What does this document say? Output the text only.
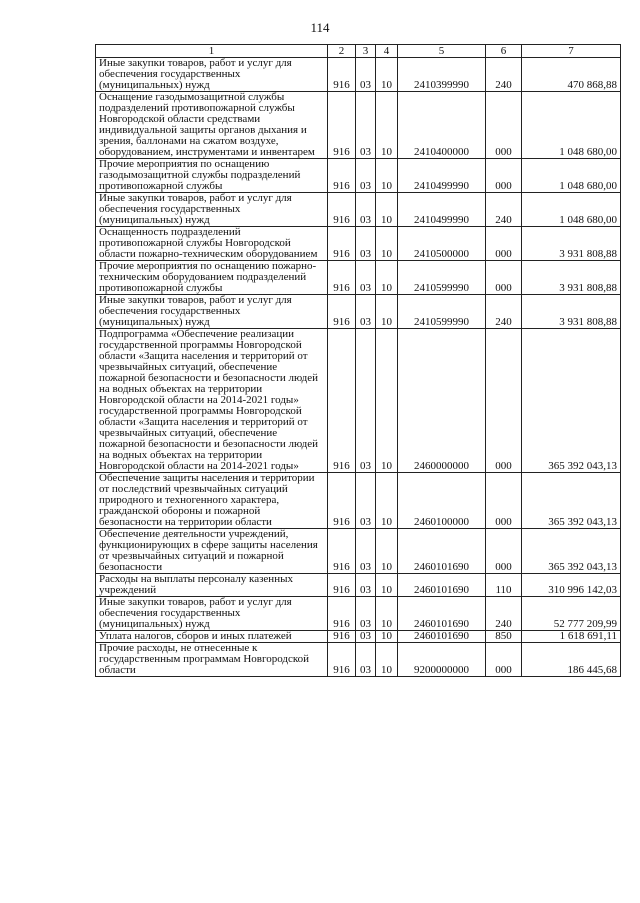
114
1	2	3	4	5	6	7
Иные закупки товаров, работ и услуг для обеспечения государственных (муниципальных) нужд	916	03	10	2410399990	240	470 868,88
Оснащение газодымозащитной службы подразделений противопожарной службы Новгородской области средствами индивидуальной защиты органов дыхания и зрения, баллонами на сжатом воздухе, оборудованием, инструментами и инвентарем	916	03	10	2410400000	000	1 048 680,00
Прочие мероприятия по оснащению газодымозащитной службы подразделений противопожарной службы	916	03	10	2410499990	000	1 048 680,00
Иные закупки товаров, работ и услуг для обеспечения государственных (муниципальных) нужд	916	03	10	2410499990	240	1 048 680,00
Оснащенность подразделений противопожарной службы Новгородской области пожарно-техническим оборудованием	916	03	10	2410500000	000	3 931 808,88
Прочие мероприятия по оснащению пожарно-техническим оборудованием подразделений противопожарной службы	916	03	10	2410599990	000	3 931 808,88
Иные закупки товаров, работ и услуг для обеспечения государственных (муниципальных) нужд	916	03	10	2410599990	240	3 931 808,88
Подпрограмма «Обеспечение реализации государственной программы Новгородской области «Защита населения и территорий от чрезвычайных ситуаций, обеспечение пожарной безопасности и безопасности людей на водных объектах на территории Новгородской области на 2014-2021 годы» государственной программы Новгородской области «Защита населения и территорий от чрезвычайных ситуаций, обеспечение пожарной безопасности и безопасности людей на водных объектах на территории Новгородской области на 2014-2021 годы»	916	03	10	2460000000	000	365 392 043,13
Обеспечение защиты населения и территории от последствий чрезвычайных ситуаций природного и техногенного характера, гражданской обороны и пожарной безопасности на территории области	916	03	10	2460100000	000	365 392 043,13
Обеспечение деятельности учреждений, функционирующих в сфере защиты населения от чрезвычайных ситуаций и пожарной безопасности	916	03	10	2460101690	000	365 392 043,13
Расходы на выплаты персоналу казенных учреждений	916	03	10	2460101690	110	310 996 142,03
Иные закупки товаров, работ и услуг для обеспечения государственных (муниципальных) нужд	916	03	10	2460101690	240	52 777 209,99
Уплата налогов, сборов и иных платежей	916	03	10	2460101690	850	1 618 691,11
Прочие расходы, не отнесенные к государственным программам Новгородской области	916	03	10	9200000000	000	186 445,68
